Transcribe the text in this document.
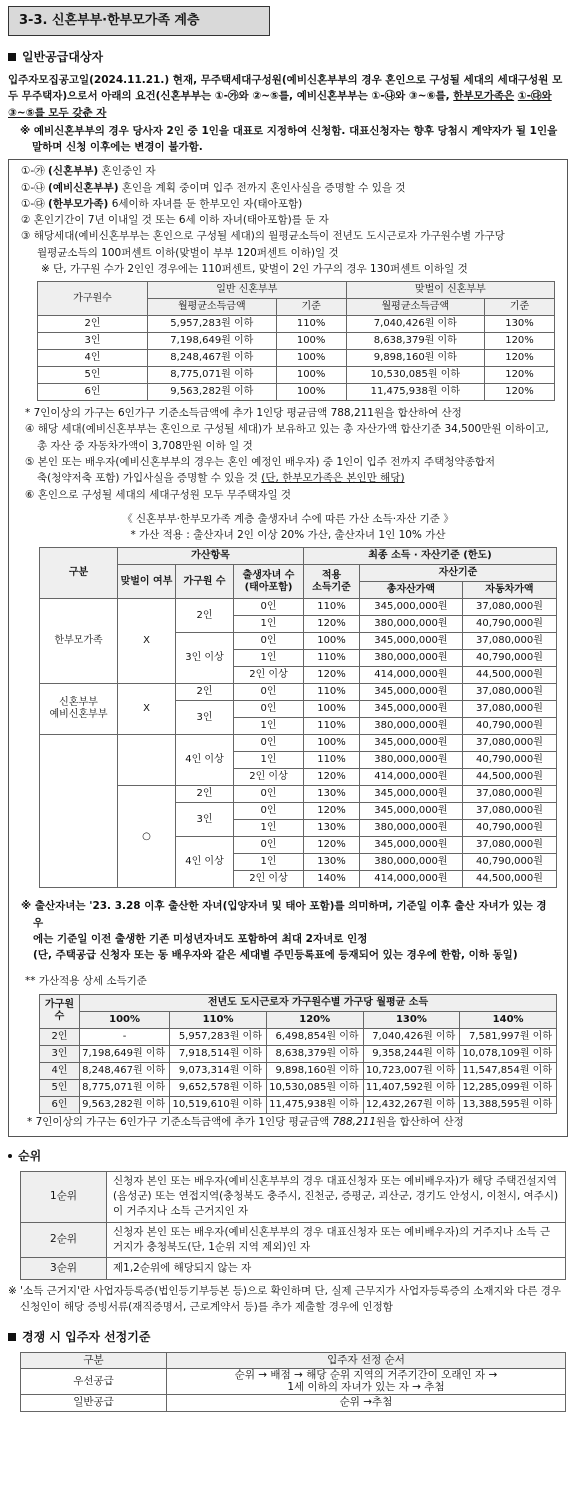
3-3. 신혼부부·한부모가족 계층
일반공급대상자

입주자모집공고일(2024.11.21.) 현재, 무주택세대구성원(예비신혼부부의 경우 혼인으로 구성될 세대의 세대구성원 모두 무주택자)으로서 아래의 요건(신혼부부는 ①-㉮와 ②~⑤를, 예비신혼부부는 ①-㉯와 ③~⑥를, 한부모가족은 ①-㉰와 ③~⑤를 모두 갖춘 자

※ 예비신혼부부의 경우 당사자 2인 중 1인을 대표로 지정하여 신청함. 대표신청자는 향후 당첨시 계약자가 될 1인을 말하며 신청 이후에는 변경이 불가함.
①-㉮ (신혼부부) 혼인중인 자
①-㉯ (예비신혼부부) 혼인을 계획 중이며 입주 전까지 혼인사실을 증명할 수 있을 것
①-㉰ (한부모가족) 6세이하 자녀를 둔 한부모인 자(태아포함)
② 혼인기간이 7년 이내일 것 또는 6세 이하 자녀(태아포함)를 둔 자
③ 해당세대(예비신혼부부는 혼인으로 구성될 세대)의 월평균소득이 전년도 도시근로자 가구원수별 가구당
월평균소득의 100퍼센트 이하(맞벌이 부부 120퍼센트 이하)일 것
※ 단, 가구원 수가 2인인 경우에는 110퍼센트, 맞벌이 2인 가구의 경우 130퍼센트 이하일 것
가구원수	일반 신혼부부		맞벌이 신혼부부	
	월평균소득금액	기준	월평균소득금액	기준
2인	5,957,283원 이하	110%	7,040,426원 이하	130%
3인	7,198,649원 이하	100%	8,638,379원 이하	120%
4인	8,248,467원 이하	100%	9,898,160원 이하	120%
5인	8,775,071원 이하	100%	10,530,085원 이하	120%
6인	9,563,282원 이하	100%	11,475,938원 이하	120%
* 7인이상의 가구는 6인가구 기준소득금액에 추가 1인당 평균금액 788,211원을 합산하여 산정
④ 해당 세대(예비신혼부부는 혼인으로 구성될 세대)가 보유하고 있는 총 자산가액 합산기준 34,500만원 이하이고,
총 자산 중 자동차가액이 3,708만원 이하 일 것
⑤ 본인 또는 배우자(예비신혼부부의 경우는 혼인 예정인 배우자) 중 1인이 입주 전까지 주택청약종합저
축(청약저축 포함) 가입사실을 증명할 수 있을 것 (단, 한부모가족은 본인만 해당)
⑥ 혼인으로 구성될 세대의 세대구성원 모두 무주택자일 것
《 신혼부부·한부모가족 계층 출생자녀 수에 따른 가산 소득·자산 기준 》
* 가산 적용 : 출산자녀 2인 이상 20% 가산, 출산자녀 1인 10% 가산
구분	가산항목			최종 소득 · 자산기준 (한도)		
	맞벌이 여부	가구원 수	출생자녀 수
(태아포함)	적용
소득기준	자산기준	
					총자산가액	자동차가액
한부모가족	X	2인	0인	110%	345,000,000원	37,080,000원
			1인	120%	380,000,000원	40,790,000원
		3인 이상	0인	100%	345,000,000원	37,080,000원
			1인	110%	380,000,000원	40,790,000원
			2인 이상	120%	414,000,000원	44,500,000원
신혼부부
예비신혼부부	X	2인	0인	110%	345,000,000원	37,080,000원
		3인	0인	100%	345,000,000원	37,080,000원
			1인	110%	380,000,000원	40,790,000원
		4인 이상	0인	100%	345,000,000원	37,080,000원
			1인	110%	380,000,000원	40,790,000원
			2인 이상	120%	414,000,000원	44,500,000원
	○	2인	0인	130%	345,000,000원	37,080,000원
		3인	0인	120%	345,000,000원	37,080,000원
			1인	130%	380,000,000원	40,790,000원
		4인 이상	0인	120%	345,000,000원	37,080,000원
			1인	130%	380,000,000원	40,790,000원
			2인 이상	140%	414,000,000원	44,500,000원
※ 출산자녀는 '23. 3.28 이후 출산한 자녀(입양자녀 및 태아 포함)를 의미하며, 기준일 이후 출산 자녀가 있는 경우
에는 기준일 이전 출생한 기존 미성년자녀도 포함하여 최대 2자녀로 인정
(단, 주택공급 신청자 또는 동 배우자와 같은 세대별 주민등록표에 등재되어 있는 경우에 한함, 이하 동일)
** 가산적용 상세 소득기준
가구원
수	전년도 도시근로자 가구원수별 가구당 월평균 소득				
	100%	110%	120%	130%	140%
2인	-	5,957,283원 이하	6,498,854원 이하	7,040,426원 이하	7,581,997원 이하
3인	7,198,649원 이하	7,918,514원 이하	8,638,379원 이하	9,358,244원 이하	10,078,109원 이하
4인	8,248,467원 이하	9,073,314원 이하	9,898,160원 이하	10,723,007원 이하	11,547,854원 이하
5인	8,775,071원 이하	9,652,578원 이하	10,530,085원 이하	11,407,592원 이하	12,285,099원 이하
6인	9,563,282원 이하	10,519,610원 이하	11,475,938원 이하	12,432,267원 이하	13,388,595원 이하
* 7인이상의 가구는 6인가구 기준소득금액에 추가 1인당 평균금액 788,211원을 합산하여 산정
순위
1순위	신청자 본인 또는 배우자(예비신혼부부의 경우 대표신청자 또는 예비배우자)가 해당 주택건설지역(음성군) 또는 연접지역(충청북도 충주시, 진천군, 증평군, 괴산군, 경기도 안성시, 이천시, 여주시)이 거주지나 소득 근거지인 자
2순위	신청자 본인 또는 배우자(예비신혼부부의 경우 대표신청자 또는 예비배우자)의 거주지나 소득 근거지가 충청북도(단, 1순위 지역 제외)인 자
3순위	제1,2순위에 해당되지 않는 자
※ '소득 근거지'란 사업자등록증(법인등기부등본 등)으로 확인하며 단, 실제 근무지가 사업자등록증의 소재지와 다른 경우 신청인이 해당 증빙서류(재직증명서, 근로계약서 등)를 추가 제출할 경우에 인정함
경쟁 시 입주자 선정기준
구분	입주자 선정 순서
우선공급	순위 → 배점 → 해당 순위 지역의 거주기간이 오래인 자 →
1세 이하의 자녀가 있는 자 → 추첨

일반공급	순위 →추첨
